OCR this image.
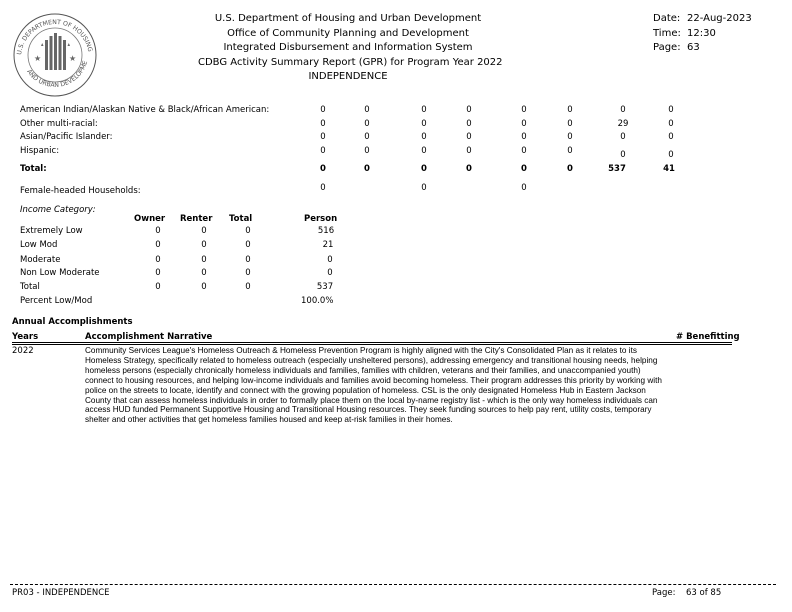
U.S. DEPARTMENT OF HOUSING
AND URBAN DEVELOPME
★	★
U.S. Department of Housing and Urban Development
Office of Community Planning and Development
Integrated Disbursement and Information System
CDBG Activity Summary Report (GPR) for Program Year 2022
INDEPENDENCE
Date: 22-Aug-2023
Time: 12:30
Page: 63
American Indian/Alaskan Native & Black/African American:	0	0	0	0	0	0	0	0
Other multi-racial:	0	0	0	0	0	0	29	0
Asian/Pacific Islander:	0	0	0	0	0	0	0	0
Hispanic:	0	0	0	0	0	0	0	0
Total:	0	0	0	0	0	0	537	41
Female-headed Households:	0	0	0
Income Category:
Owner Renter Total	Person
Extremely Low	0	0	0	516
Low Mod	0	0	0	21
Moderate	0	0	0	0
Non Low Moderate	0	0	0	0
Total	0	0	0	537
Percent Low/Mod	100.0%
Annual Accomplishments
Years	Accomplishment Narrative	# Benefitting
2022	Community Services League's Homeless Outreach & Homeless Prevention Program is highly aligned with the City's Consolidated Plan as it relates to its Homeless Strategy, specifically related to homeless outreach (especially unsheltered persons), addressing emergency and transitional housing needs, helping homeless persons (especially chronically homeless individuals and families, families with children, veterans and their families, and unaccompanied youth) connect to housing resources, and helping low-income individuals and families avoid becoming homeless. Their program addresses this priority by working with police on the streets to locate, identify and connect with the growing population of homeless. CSL is the only designated Homeless Hub in Eastern Jackson County that can assess homeless individuals in order to formally place them on the local by-name registry list - which is the only way homeless individuals can access HUD funded Permanent Supportive Housing and Transitional Housing resources. They seek funding sources to help pay rent, utility costs, temporary shelter and other activities that get homeless families housed and keep at-risk families in their homes.
PR03 - INDEPENDENCE	Page: 63 of 85
